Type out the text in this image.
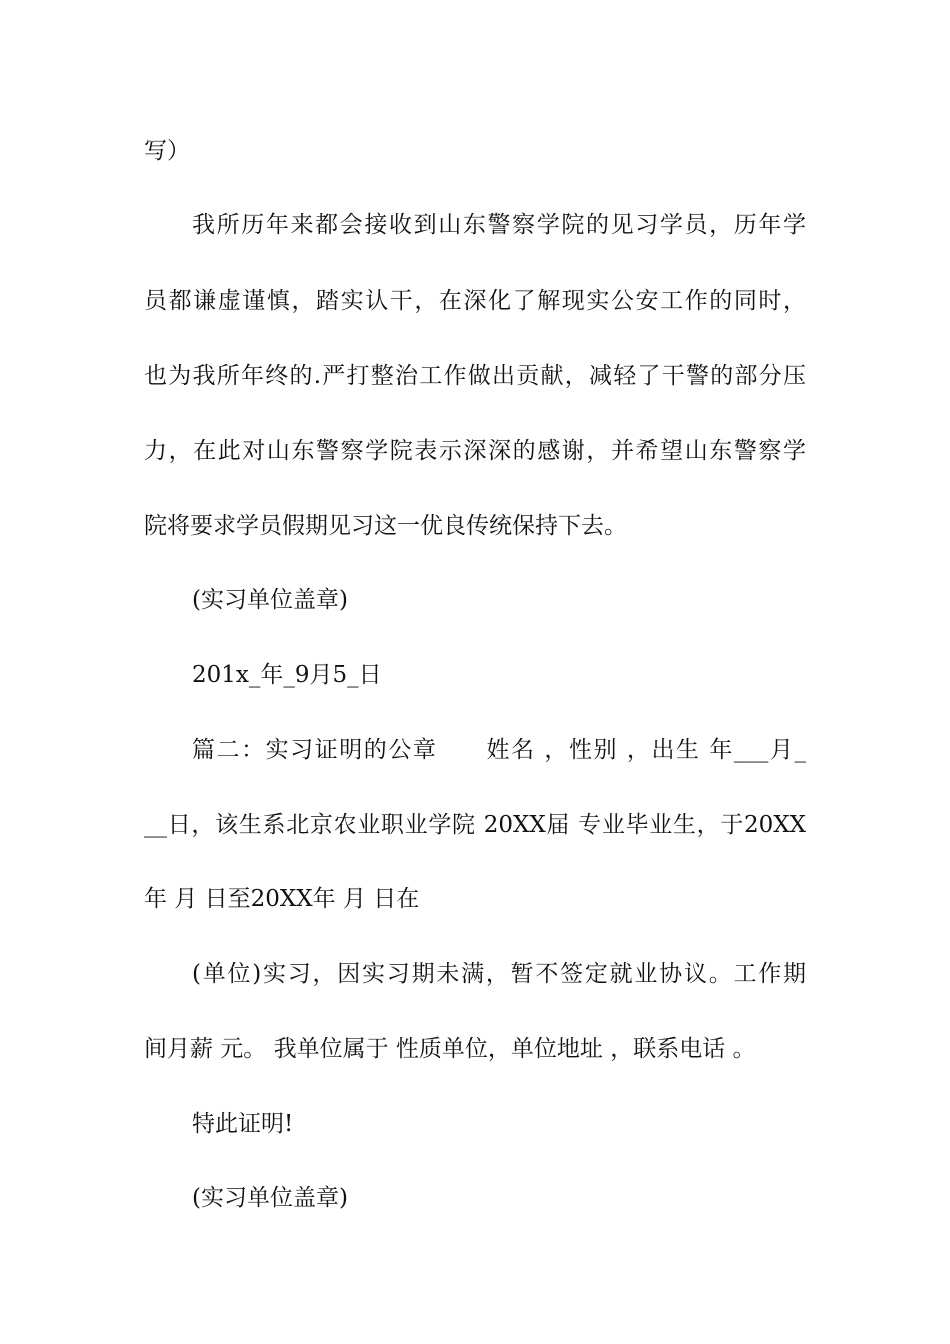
写）
我所历年来都会接收到山东警察学院的见习学员，历年学
员都谦虚谨慎，踏实认干，在深化了解现实公安工作的同时，
也为我所年终的.严打整治工作做出贡献，减轻了干警的部分压
力，在此对山东警察学院表示深深的感谢，并希望山东警察学
院将要求学员假期见习这一优良传统保持下去。
(实习单位盖章)
201x_年_9月5_日
篇二：实习证明的公章　　姓名 ，性别 ，出生 年___月_
__日，该生系北京农业职业学院 20XX届 专业毕业生，于20XX
年 月 日至20XX年 月 日在
(单位)实习，因实习期未满，暂不签定就业协议。工作期
间月薪 元。 我单位属于 性质单位，单位地址 ，联系电话 。
特此证明!
(实习单位盖章)
